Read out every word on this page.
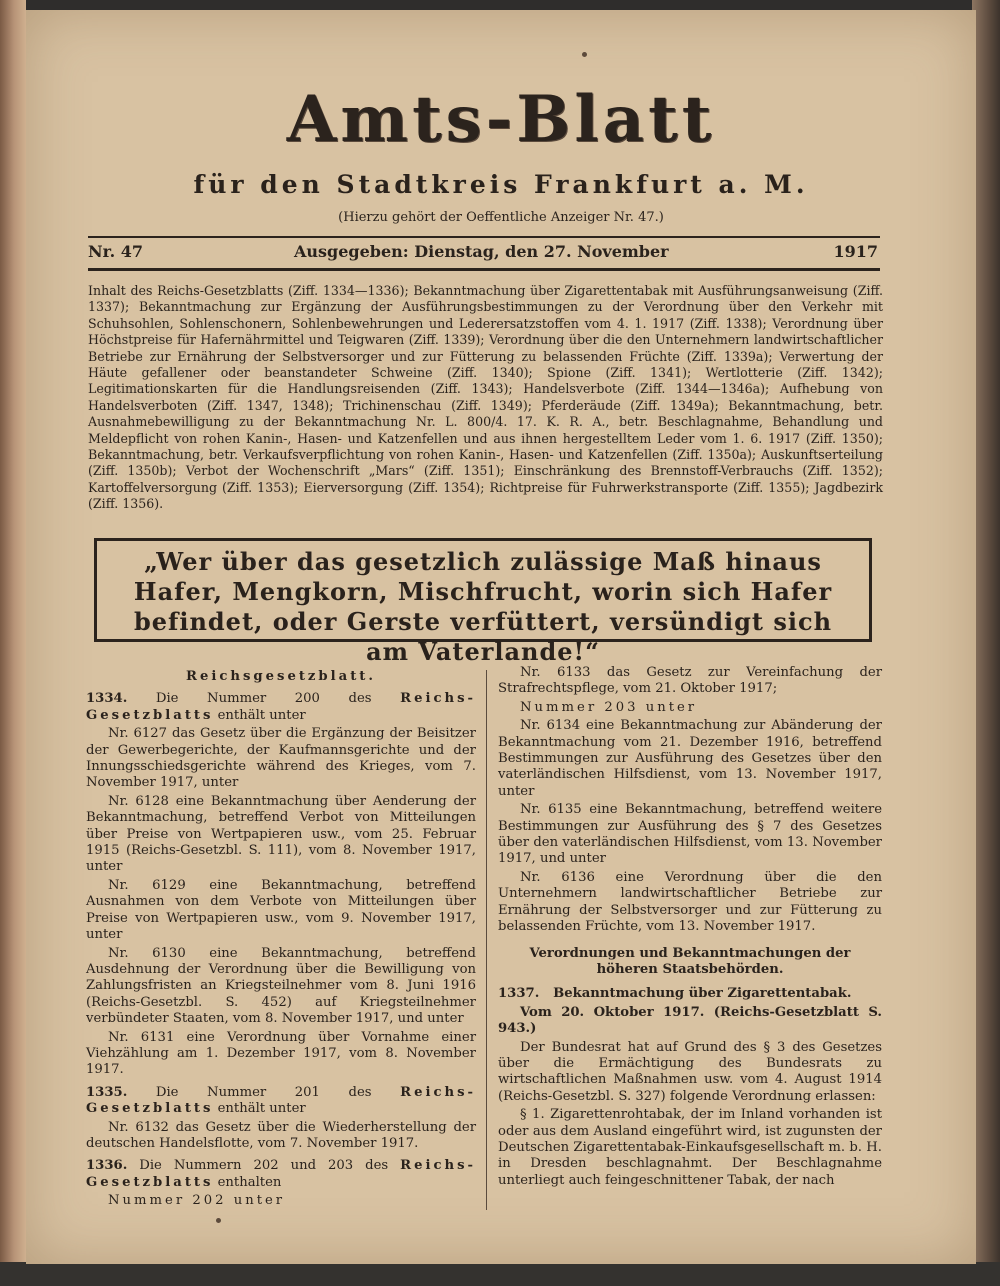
Amts-Blatt
für den Stadtkreis Frankfurt a. M.
(Hierzu gehört der Oeffentliche Anzeiger Nr. 47.)
Nr. 47	Ausgegeben: Dienstag, den 27. November	1917
Inhalt des Reichs-Gesetzblatts (Ziff. 1334—1336); Bekanntmachung über Zigarettentabak mit Ausführungsanweisung (Ziff. 1337); Bekanntmachung zur Ergänzung der Ausführungsbestimmungen zu der Verordnung über den Verkehr mit Schuhsohlen, Sohlenschonern, Sohlenbewehrungen und Lederersatzstoffen vom 4. 1. 1917 (Ziff. 1338); Verordnung über Höchstpreise für Hafernährmittel und Teigwaren (Ziff. 1339); Verordnung über die den Unternehmern landwirtschaftlicher Betriebe zur Ernährung der Selbstversorger und zur Fütterung zu belassenden Früchte (Ziff. 1339a); Verwertung der Häute gefallener oder beanstandeter Schweine (Ziff. 1340); Spione (Ziff. 1341); Wertlotterie (Ziff. 1342); Legitimationskarten für die Handlungsreisenden (Ziff. 1343); Handelsverbote (Ziff. 1344—1346a); Aufhebung von Handelsverboten (Ziff. 1347, 1348); Trichinenschau (Ziff. 1349); Pferderäude (Ziff. 1349a); Bekanntmachung, betr. Ausnahmebewilligung zu der Bekanntmachung Nr. L. 800/4. 17. K. R. A., betr. Beschlagnahme, Behandlung und Meldepflicht von rohen Kanin-, Hasen- und Katzenfellen und aus ihnen hergestelltem Leder vom 1. 6. 1917 (Ziff. 1350); Bekanntmachung, betr. Verkaufsverpflichtung von rohen Kanin-, Hasen- und Katzenfellen (Ziff. 1350a); Auskunftserteilung (Ziff. 1350b); Verbot der Wochenschrift „Mars“ (Ziff. 1351); Einschränkung des Brennstoff-Verbrauchs (Ziff. 1352); Kartoffelversorgung (Ziff. 1353); Eierversorgung (Ziff. 1354); Richtpreise für Fuhrwerkstransporte (Ziff. 1355); Jagdbezirk (Ziff. 1356).
„Wer über das gesetzlich zulässige Maß hinaus Hafer, Mengkorn, Mischfrucht, worin sich Hafer befindet, oder Gerste verfüttert, versündigt sich am Vaterlande!“

Reichsgesetzblatt.

1334. Die Nummer 200 des Reichs-Gesetzblatts enthält unter

Nr. 6127 das Gesetz über die Ergänzung der Beisitzer der Gewerbegerichte, der Kaufmannsgerichte und der Innungsschiedsgerichte während des Krieges, vom 7. November 1917, unter

Nr. 6128 eine Bekanntmachung über Aenderung der Bekanntmachung, betreffend Verbot von Mitteilungen über Preise von Wertpapieren usw., vom 25. Februar 1915 (Reichs-Gesetzbl. S. 111), vom 8. November 1917, unter

Nr. 6129 eine Bekanntmachung, betreffend Ausnahmen von dem Verbote von Mitteilungen über Preise von Wertpapieren usw., vom 9. November 1917, unter

Nr. 6130 eine Bekanntmachung, betreffend Ausdehnung der Verordnung über die Bewilligung von Zahlungsfristen an Kriegsteilnehmer vom 8. Juni 1916 (Reichs-Gesetzbl. S. 452) auf Kriegsteilnehmer verbündeter Staaten, vom 8. November 1917, und unter

Nr. 6131 eine Verordnung über Vornahme einer Viehzählung am 1. Dezember 1917, vom 8. November 1917.

1335. Die Nummer 201 des Reichs-Gesetzblatts enthält unter

Nr. 6132 das Gesetz über die Wiederherstellung der deutschen Handelsflotte, vom 7. November 1917.

1336. Die Nummern 202 und 203 des Reichs-Gesetzblatts enthalten

Nummer 202 unter

Nr. 6133 das Gesetz zur Vereinfachung der Strafrechtspflege, vom 21. Oktober 1917;

Nummer 203 unter

Nr. 6134 eine Bekanntmachung zur Abänderung der Bekanntmachung vom 21. Dezember 1916, betreffend Bestimmungen zur Ausführung des Gesetzes über den vaterländischen Hilfsdienst, vom 13. November 1917, unter

Nr. 6135 eine Bekanntmachung, betreffend weitere Bestimmungen zur Ausführung des § 7 des Gesetzes über den vaterländischen Hilfsdienst, vom 13. November 1917, und unter

Nr. 6136 eine Verordnung über die den Unternehmern landwirtschaftlicher Betriebe zur Ernährung der Selbstversorger und zur Fütterung zu belassenden Früchte, vom 13. November 1917.

Verordnungen und Bekanntmachungen der höheren Staatsbehörden.

1337. Bekanntmachung über Zigarettentabak.

Vom 20. Oktober 1917. (Reichs-Gesetzblatt S. 943.)

Der Bundesrat hat auf Grund des § 3 des Gesetzes über die Ermächtigung des Bundesrats zu wirtschaftlichen Maßnahmen usw. vom 4. August 1914 (Reichs-Gesetzbl. S. 327) folgende Verordnung erlassen:

§ 1. Zigarettenrohtabak, der im Inland vorhanden ist oder aus dem Ausland eingeführt wird, ist zugunsten der Deutschen Zigarettentabak-Einkaufsgesellschaft m. b. H. in Dresden beschlagnahmt. Der Beschlagnahme unterliegt auch feingeschnittener Tabak, der nach
